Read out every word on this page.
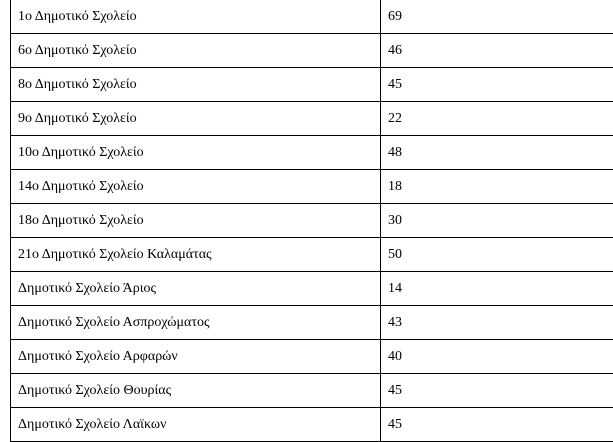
1ο Δημοτικό Σχολείο	69
6ο Δημοτικό Σχολείο	46
8ο Δημοτικό Σχολείο	45
9ο Δημοτικό Σχολείο	22
10ο Δημοτικό Σχολείο	48
14ο Δημοτικό Σχολείο	18
18ο Δημοτικό Σχολείο	30
21ο Δημοτικό Σχολείο Καλαμάτας	50
Δημοτικό Σχολείο Άριος	14
Δημοτικό Σχολείο Ασπροχώματος	43
Δημοτικό Σχολείο Αρφαρών	40
Δημοτικό Σχολείο Θουρίας	45
Δημοτικό Σχολείο Λαϊκων	45
